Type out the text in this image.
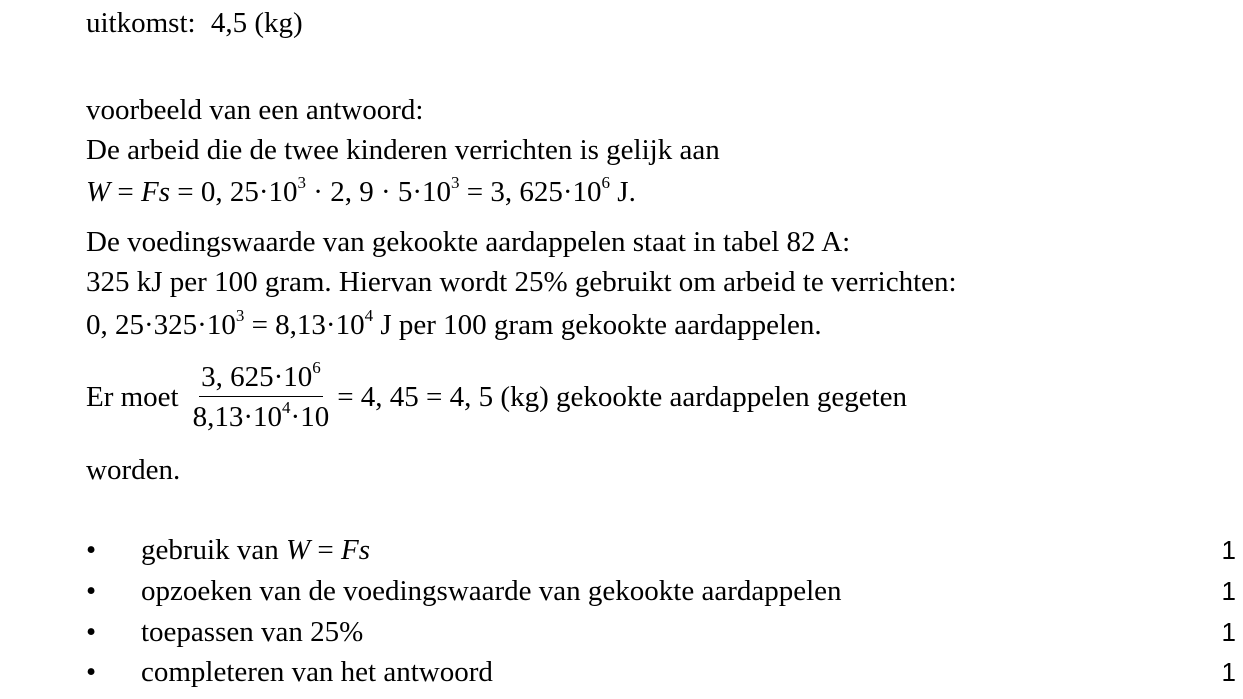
uitkomst: 4,5 (kg)
voorbeeld van een antwoord:
De arbeid die de twee kinderen verrichten is gelijk aan
W = Fs = 0, $25\cdot 10^3 \cdot 2$, $9 \cdot 5\cdot 10^3 = 3$, $625\cdot 10^6$ J.
De voedingswaarde van gekookte aardappelen staat in tabel 82 A:
325 kJ per 100 gram. Hiervan wordt 25% gebruikt om arbeid te verrichten:
0, $25\cdot 325\cdot 10^3 = 8,13\cdot 10^4$ J per 100 gram gekookte aardappelen.
Er moet $\frac{3, 625\cdot 10^6}{8,13\cdot 10^4\cdot 10} = 4$, 45 = 4, 5 (kg) gekookte aardappelen gegeten
worden.
• gebruik van W = Fs	1
• opzoeken van de voedingswaarde van gekookte aardappelen	1
• toepassen van 25%	1
• completeren van het antwoord	1
